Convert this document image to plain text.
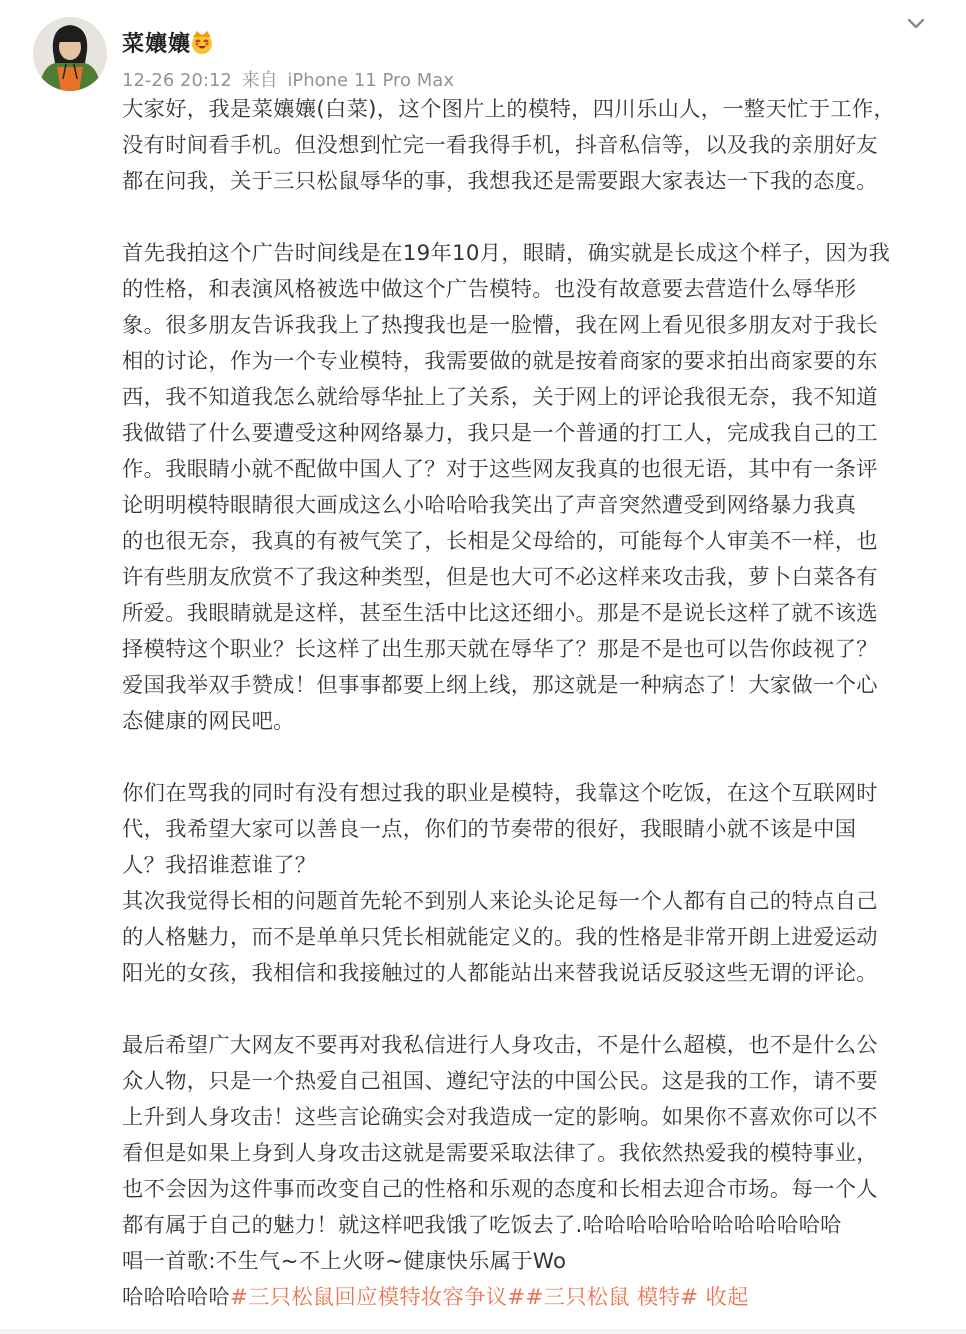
菜孃孃
12-26 20:12 来自 iPhone 11 Pro Max

大家好，我是菜孃孃(白菜)，这个图片上的模特，四川乐山人，一整天忙于工作，
没有时间看手机。但没想到忙完一看我得手机，抖音私信等，以及我的亲朋好友
都在问我，关于三只松鼠辱华的事，我想我还是需要跟大家表达一下我的态度。

首先我拍这个广告时间线是在19年10月，眼睛，确实就是长成这个样子，因为我
的性格，和表演风格被选中做这个广告模特。也没有故意要去营造什么辱华形
象。很多朋友告诉我我上了热搜我也是一脸懵，我在网上看见很多朋友对于我长
相的讨论，作为一个专业模特，我需要做的就是按着商家的要求拍出商家要的东
西，我不知道我怎么就给辱华扯上了关系，关于网上的评论我很无奈，我不知道
我做错了什么要遭受这种网络暴力，我只是一个普通的打工人，完成我自己的工
作。我眼睛小就不配做中国人了？对于这些网友我真的也很无语，其中有一条评
论明明模特眼睛很大画成这么小哈哈哈我笑出了声音突然遭受到网络暴力我真
的也很无奈，我真的有被气笑了，长相是父母给的，可能每个人审美不一样，也
许有些朋友欣赏不了我这种类型，但是也大可不必这样来攻击我，萝卜白菜各有
所爱。我眼睛就是这样，甚至生活中比这还细小。那是不是说长这样了就不该选
择模特这个职业？长这样了出生那天就在辱华了？那是不是也可以告你歧视了？
爱国我举双手赞成！但事事都要上纲上线，那这就是一种病态了！大家做一个心
态健康的网民吧。

你们在骂我的同时有没有想过我的职业是模特，我靠这个吃饭，在这个互联网时
代，我希望大家可以善良一点，你们的节奏带的很好，我眼睛小就不该是中国
人？我招谁惹谁了？

其次我觉得长相的问题首先轮不到别人来论头论足每一个人都有自己的特点自己
的人格魅力，而不是单单只凭长相就能定义的。我的性格是非常开朗上进爱运动
阳光的女孩，我相信和我接触过的人都能站出来替我说话反驳这些无谓的评论。

最后希望广大网友不要再对我私信进行人身攻击，不是什么超模，也不是什么公
众人物，只是一个热爱自己祖国、遵纪守法的中国公民。这是我的工作，请不要
上升到人身攻击！这些言论确实会对我造成一定的影响。如果你不喜欢你可以不
看但是如果上身到人身攻击这就是需要采取法律了。我依然热爱我的模特事业，
也不会因为这件事而改变自己的性格和乐观的态度和长相去迎合市场。每一个人
都有属于自己的魅力！就这样吧我饿了吃饭去了.哈哈哈哈哈哈哈哈哈哈哈哈
唱一首歌:不生气~不上火呀~健康快乐属于Wo

哈哈哈哈哈#三只松鼠回应模特妆容争议##三只松鼠 模特# 收起
